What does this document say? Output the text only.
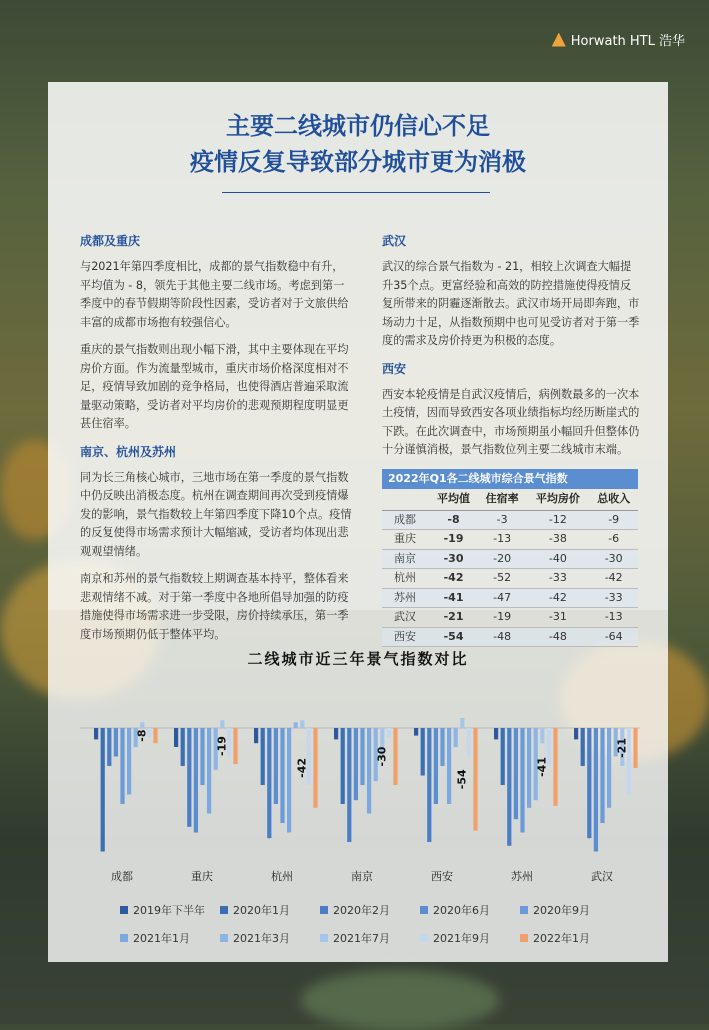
Horwath HTL 浩华
主要二线城市仍信心不足
疫情反复导致部分城市更为消极
成都及重庆

与2021年第四季度相比，成都的景气指数稳中有升，平均值为 - 8，领先于其他主要二线市场。考虑到第一季度中的春节假期等阶段性因素，受访者对于文旅供给丰富的成都市场抱有较强信心。

重庆的景气指数则出现小幅下滑，其中主要体现在平均房价方面。作为流量型城市，重庆市场价格深度相对不足，疫情导致加剧的竞争格局，也使得酒店普遍采取流量驱动策略，受访者对平均房价的悲观预期程度明显更甚住宿率。

南京、杭州及苏州

同为长三角核心城市，三地市场在第一季度的景气指数中仍反映出消极态度。杭州在调查期间再次受到疫情爆发的影响，景气指数较上年第四季度下降10个点。疫情的反复使得市场需求预计大幅缩减，受访者均体现出悲观观望情绪。

南京和苏州的景气指数较上期调查基本持平，整体看来悲观情绪不减。对于第一季度中各地所倡导加强的防疫措施使得市场需求进一步受限，房价持续承压，第一季度市场预期仍低于整体平均。

武汉

武汉的综合景气指数为 - 21，相较上次调查大幅提升35个点。更富经验和高效的防控措施使得疫情反复所带来的阴霾逐渐散去。武汉市场开局即奔跑，市场动力十足，从指数预期中也可见受访者对于第一季度的需求及房价持更为积极的态度。

西安

西安本轮疫情是自武汉疫情后，病例数最多的一次本土疫情，因而导致西安各项业绩指标均经历断崖式的下跌。在此次调查中，市场预期虽小幅回升但整体仍十分谨慎消极，景气指数位列主要二线城市末端。

2022年Q1各二线城市综合景气指数
	平均值	住宿率	平均房价	总收入
成都	-8	-3	-12	-9
重庆	-19	-13	-38	-6
南京	-30	-20	-40	-30
杭州	-42	-52	-33	-42
苏州	-41	-47	-42	-33
武汉	-21	-19	-31	-13
西安	-54	-48	-48	-64
二线城市近三年景气指数对比
-8
成都
-19
重庆
-42
杭州
-30
南京
-54
西安
-41
苏州
-21
武汉
2019年下半年	2020年1月	2020年2月	2020年6月	2020年9月
2021年1月	2021年3月	2021年7月	2021年9月	2022年1月
